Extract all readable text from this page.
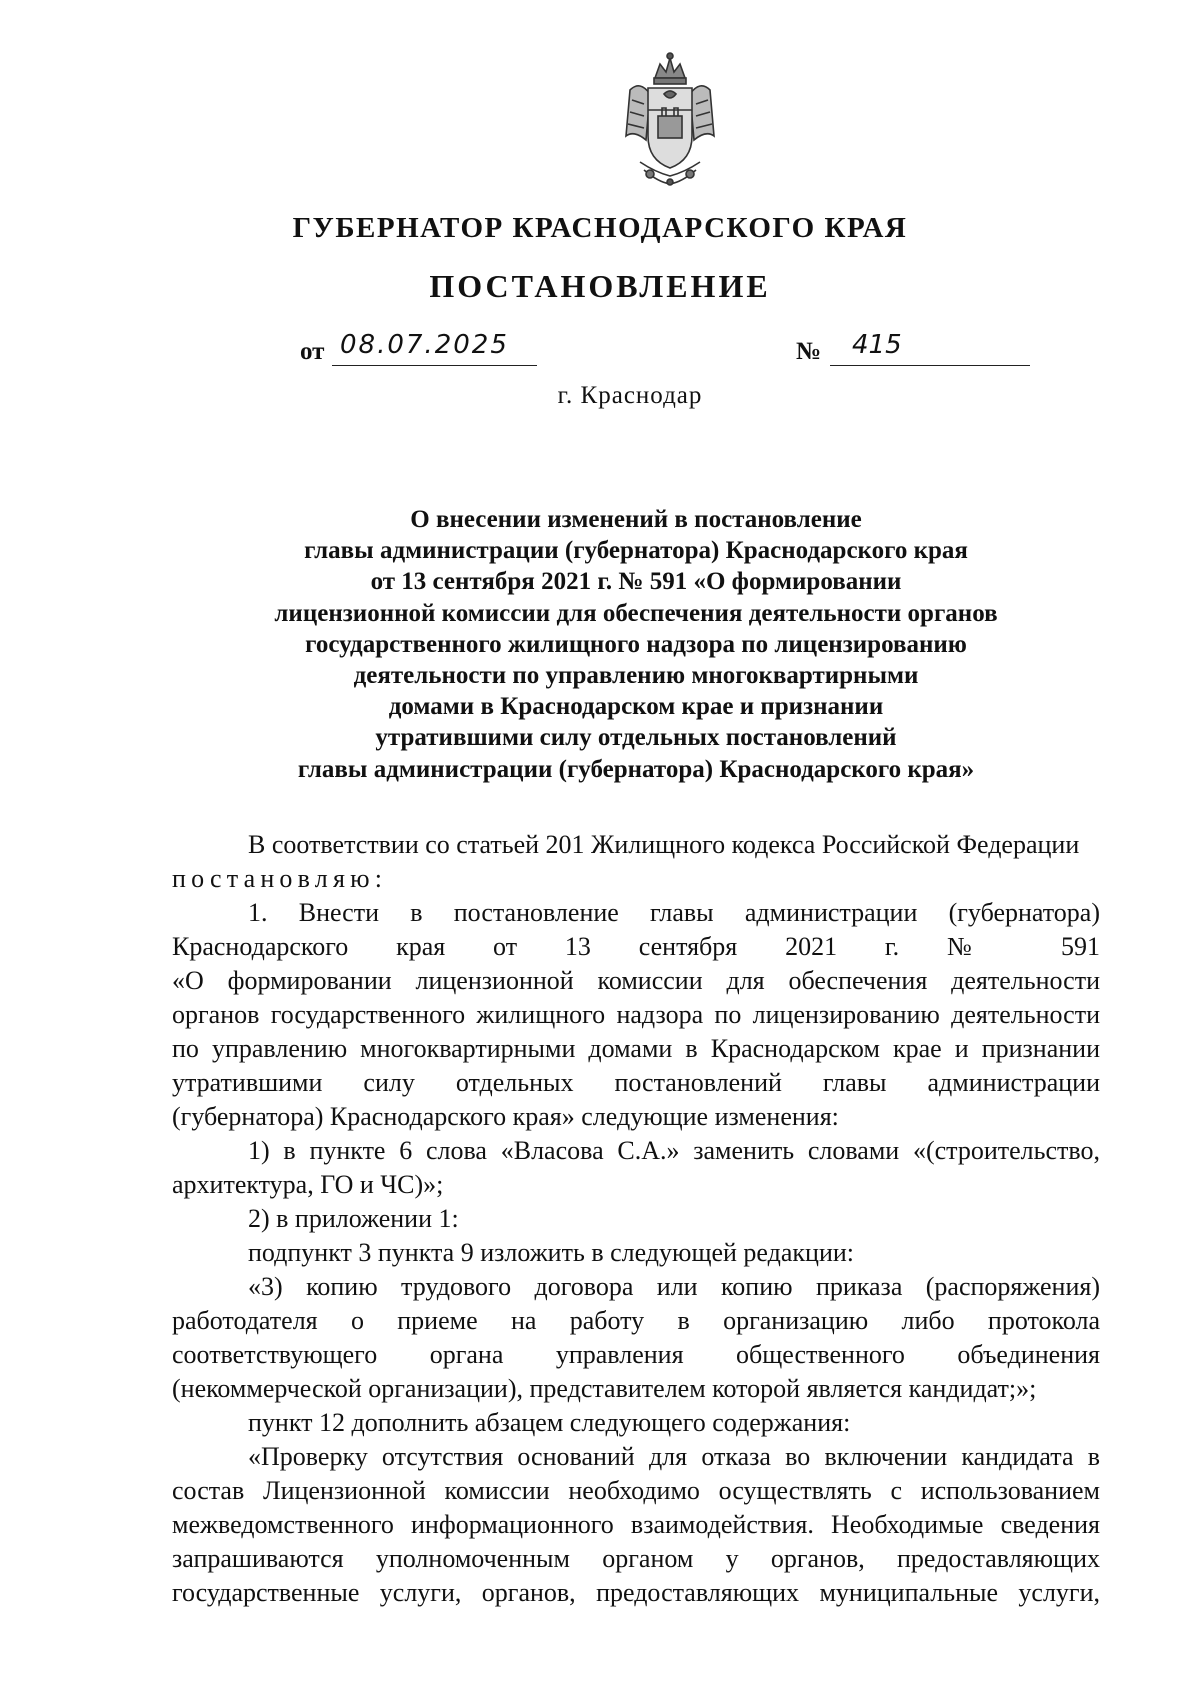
ГУБЕРНАТОР КРАСНОДАРСКОГО КРАЯ
ПОСТАНОВЛЕНИЕ
от 08.07.2025	№	415
г. Краснодар
О внесении изменений в постановление
главы администрации (губернатора) Краснодарского края
от 13 сентября 2021 г. № 591 «О формировании
лицензионной комиссии для обеспечения деятельности органов
государственного жилищного надзора по лицензированию
деятельности по управлению многоквартирными
домами в Краснодарском крае и признании
утратившими силу отдельных постановлений
главы администрации (губернатора) Краснодарского края»

В соответствии со статьей 201 Жилищного кодекса Российской Федерации

постановляю:

1. Внести в постановление главы администрации (губернатора)

Краснодарского края от 13 сентября 2021 г. № 591

«О формировании лицензионной комиссии для обеспечения деятельности

органов государственного жилищного надзора по лицензированию деятельности

по управлению многоквартирными домами в Краснодарском крае и признании

утратившими силу отдельных постановлений главы администрации

(губернатора) Краснодарского края» следующие изменения:

1) в пункте 6 слова «Власова С.А.» заменить словами «(строительство,

архитектура, ГО и ЧС)»;

2) в приложении 1:

подпункт 3 пункта 9 изложить в следующей редакции:

«3) копию трудового договора или копию приказа (распоряжения)

работодателя о приеме на работу в организацию либо протокола

соответствующего органа управления общественного объединения

(некоммерческой организации), представителем которой является кандидат;»;

пункт 12 дополнить абзацем следующего содержания:

«Проверку отсутствия оснований для отказа во включении кандидата в

состав Лицензионной комиссии необходимо осуществлять с использованием

межведомственного информационного взаимодействия. Необходимые сведения

запрашиваются уполномоченным органом у органов, предоставляющих

государственные услуги, органов, предоставляющих муниципальные услуги,
